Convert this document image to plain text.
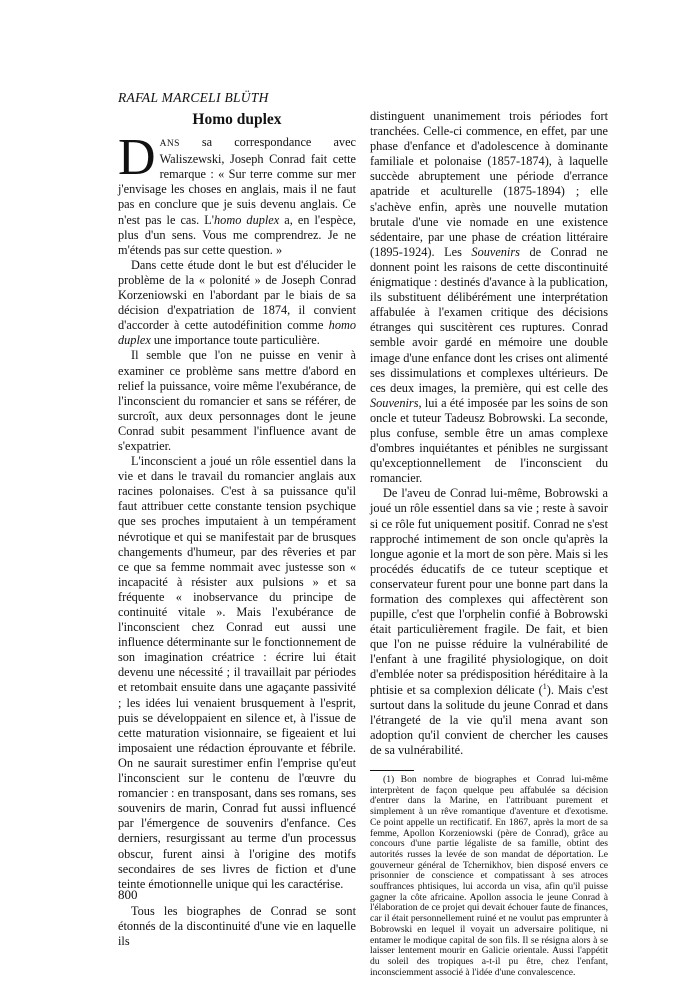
RAFAL MARCELI BLÜTH
Homo duplex

DANS sa correspondance avec Waliszewski, Joseph Conrad fait cette remarque : « Sur terre comme sur mer j'envisage les choses en anglais, mais il ne faut pas en conclure que je suis devenu anglais. Ce n'est pas le cas. L'homo duplex a, en l'espèce, plus d'un sens. Vous me comprendrez. Je ne m'étends pas sur cette question. »

Dans cette étude dont le but est d'élucider le problème de la « polonité » de Joseph Conrad Korzeniowski en l'abordant par le biais de sa décision d'expatriation de 1874, il convient d'accorder à cette autodéfinition comme homo duplex une importance toute particulière.

Il semble que l'on ne puisse en venir à examiner ce problème sans mettre d'abord en relief la puissance, voire même l'exubérance, de l'inconscient du romancier et sans se référer, de surcroît, aux deux personnages dont le jeune Conrad subit pesamment l'influence avant de s'expatrier.

L'inconscient a joué un rôle essentiel dans la vie et dans le travail du romancier anglais aux racines polonaises. C'est à sa puissance qu'il faut attribuer cette constante tension psychique que ses proches imputaient à un tempérament névrotique et qui se manifestait par de brusques changements d'humeur, par des rêveries et par ce que sa femme nommait avec justesse son « incapacité à résister aux pulsions » et sa fréquente « inobservance du principe de continuité vitale ». Mais l'exubérance de l'inconscient chez Conrad eut aussi une influence déterminante sur le fonctionnement de son imagination créatrice : écrire lui était devenu une nécessité ; il travaillait par périodes et retombait ensuite dans une agaçante passivité ; les idées lui venaient brusquement à l'esprit, puis se développaient en silence et, à l'issue de cette maturation visionnaire, se figeaient et lui imposaient une rédaction éprouvante et fébrile. On ne saurait surestimer enfin l'emprise qu'eut l'inconscient sur le contenu de l'œuvre du romancier : en transposant, dans ses romans, ses souvenirs de marin, Conrad fut aussi influencé par l'émergence de souvenirs d'enfance. Ces derniers, resurgissant au terme d'un processus obscur, furent ainsi à l'origine des motifs secondaires de ses livres de fiction et d'une teinte émotionnelle unique qui les caractérise.

Tous les biographes de Conrad se sont étonnés de la discontinuité d'une vie en laquelle ils

distinguent unanimement trois périodes fort tranchées. Celle-ci commence, en effet, par une phase d'enfance et d'adolescence à dominante familiale et polonaise (1857-1874), à laquelle succède abruptement une période d'errance apatride et aculturelle (1875-1894) ; elle s'achève enfin, après une nouvelle mutation brutale d'une vie nomade en une existence sédentaire, par une phase de création littéraire (1895-1924). Les Souvenirs de Conrad ne donnent point les raisons de cette discontinuité énigmatique : destinés d'avance à la publication, ils substituent délibérément une interprétation affabulée à l'examen critique des décisions étranges qui suscitèrent ces ruptures. Conrad semble avoir gardé en mémoire une double image d'une enfance dont les crises ont alimenté ses dissimulations et complexes ultérieurs. De ces deux images, la première, qui est celle des Souvenirs, lui a été imposée par les soins de son oncle et tuteur Tadeusz Bobrowski. La seconde, plus confuse, semble être un amas complexe d'ombres inquiétantes et pénibles ne surgissant qu'exceptionnellement de l'inconscient du romancier.

De l'aveu de Conrad lui-même, Bobrowski a joué un rôle essentiel dans sa vie ; reste à savoir si ce rôle fut uniquement positif. Conrad ne s'est rapproché intimement de son oncle qu'après la longue agonie et la mort de son père. Mais si les procédés éducatifs de ce tuteur sceptique et conservateur furent pour une bonne part dans la formation des complexes qui affectèrent son pupille, c'est que l'orphelin confié à Bobrowski était particulièrement fragile. De fait, et bien que l'on ne puisse réduire la vulnérabilité de l'enfant à une fragilité physiologique, on doit d'emblée noter sa prédisposition héréditaire à la phtisie et sa complexion délicate ($^1$). Mais c'est surtout dans la solitude du jeune Conrad et dans l'étrangeté de la vie qu'il mena avant son adoption qu'il convient de chercher les causes de sa vulnérabilité.

(1) Bon nombre de biographes et Conrad lui-même interprètent de façon quelque peu affabulée sa décision d'entrer dans la Marine, en l'attribuant purement et simplement à un rêve romantique d'aventure et d'exotisme. Ce point appelle un rectificatif. En 1867, après la mort de sa femme, Apollon Korzeniowski (père de Conrad), grâce au concours d'une partie légaliste de sa famille, obtint des autorités russes la levée de son mandat de déportation. Le gouverneur général de Tchernikhov, bien disposé envers ce prisonnier de conscience et compatissant à ses atroces souffrances phtisiques, lui accorda un visa, afin qu'il puisse gagner la côte africaine. Apollon associa le jeune Conrad à l'élaboration de ce projet qui devait échouer faute de finances, car il était personnellement ruiné et ne voulut pas emprunter à Bobrowski en lequel il voyait un adversaire politique, ni entamer le modique capital de son fils. Il se résigna alors à se laisser lentement mourir en Galicie orientale. Aussi l'appétit du soleil des tropiques a-t-il pu être, chez l'enfant, inconsciemment associé à l'idée d'une convalescence.

800
